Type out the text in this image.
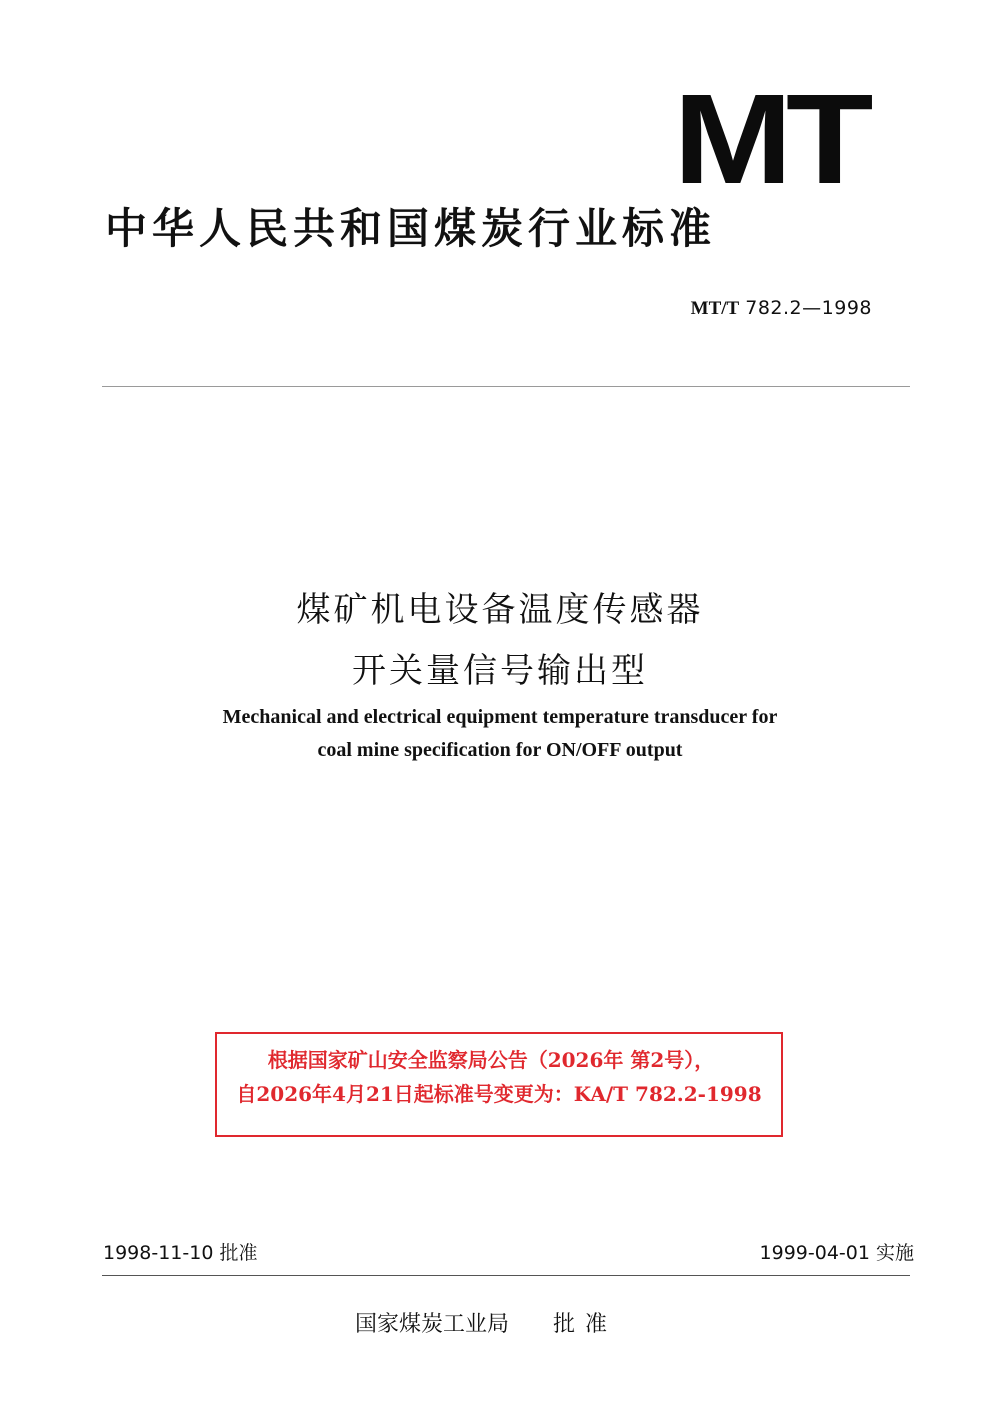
MT
中华人民共和国煤炭行业标准
MT/T 782.2—1998
煤矿机电设备温度传感器
开关量信号输出型
Mechanical and electrical equipment temperature transducer for
coal mine specification for ON/OFF output
根据国家矿山安全监察局公告（2026年 第2号），
自2026年4月21日起标准号变更为：KA/T 782.2-1998
1998-11-10 批准	1999-04-01 实施
国家煤炭工业局 批准
